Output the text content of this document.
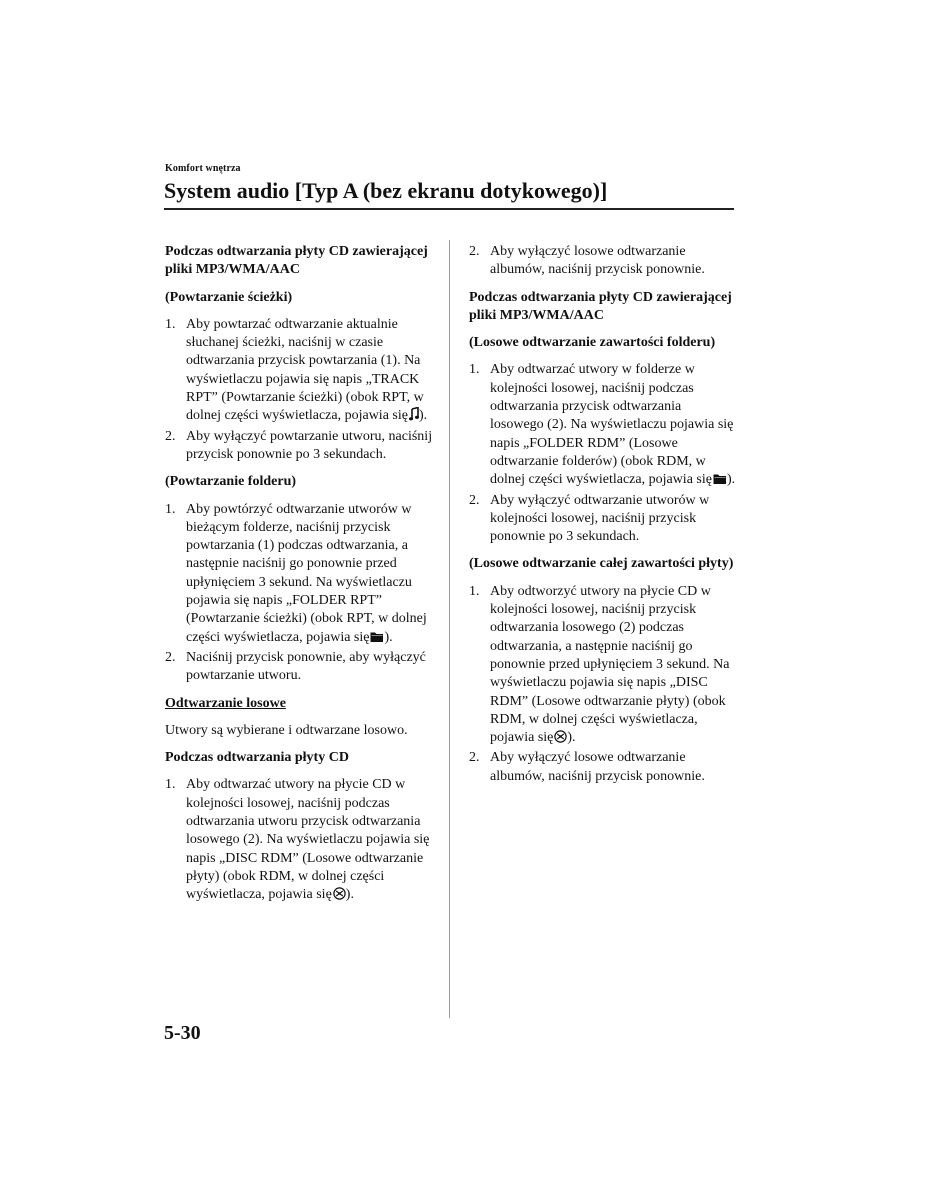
Komfort wnętrza
System audio [Typ A (bez ekranu dotykowego)]
Podczas odtwarzania płyty CD zawierającej pliki MP3/WMA/AAC
(Powtarzanie ścieżki)
1. Aby powtarzać odtwarzanie aktualnie słuchanej ścieżki, naciśnij w czasie odtwarzania przycisk powtarzania (1). Na wyświetlaczu pojawia się napis „TRACK RPT” (Powtarzanie ścieżki) (obok RPT, w dolnej części wyświetlacza, pojawia się ).
2. Aby wyłączyć powtarzanie utworu, naciśnij przycisk ponownie po 3 sekundach.
(Powtarzanie folderu)
1. Aby powtórzyć odtwarzanie utworów w bieżącym folderze, naciśnij przycisk powtarzania (1) podczas odtwarzania, a następnie naciśnij go ponownie przed upłynięciem 3 sekund. Na wyświetlaczu pojawia się napis „FOLDER RPT” (Powtarzanie ścieżki) (obok RPT, w dolnej części wyświetlacza, pojawia się ).
2. Naciśnij przycisk ponownie, aby wyłączyć powtarzanie utworu.
Odtwarzanie losowe
Utwory są wybierane i odtwarzane losowo.
Podczas odtwarzania płyty CD
1. Aby odtwarzać utwory na płycie CD w kolejności losowej, naciśnij podczas odtwarzania utworu przycisk odtwarzania losowego (2). Na wyświetlaczu pojawia się napis „DISC RDM” (Losowe odtwarzanie płyty) (obok RDM, w dolnej części wyświetlacza, pojawia się ).
2. Aby wyłączyć losowe odtwarzanie albumów, naciśnij przycisk ponownie.
Podczas odtwarzania płyty CD zawierającej pliki MP3/WMA/AAC
(Losowe odtwarzanie zawartości folderu)
1. Aby odtwarzać utwory w folderze w kolejności losowej, naciśnij podczas odtwarzania przycisk odtwarzania losowego (2). Na wyświetlaczu pojawia się napis „FOLDER RDM” (Losowe odtwarzanie folderów) (obok RDM, w dolnej części wyświetlacza, pojawia się ).
2. Aby wyłączyć odtwarzanie utworów w kolejności losowej, naciśnij przycisk ponownie po 3 sekundach.
(Losowe odtwarzanie całej zawartości płyty)
1. Aby odtworzyć utwory na płycie CD w kolejności losowej, naciśnij przycisk odtwarzania losowego (2) podczas odtwarzania, a następnie naciśnij go ponownie przed upłynięciem 3 sekund. Na wyświetlaczu pojawia się napis „DISC RDM” (Losowe odtwarzanie płyty) (obok RDM, w dolnej części wyświetlacza, pojawia się ).
2. Aby wyłączyć losowe odtwarzanie albumów, naciśnij przycisk ponownie.
5-30
